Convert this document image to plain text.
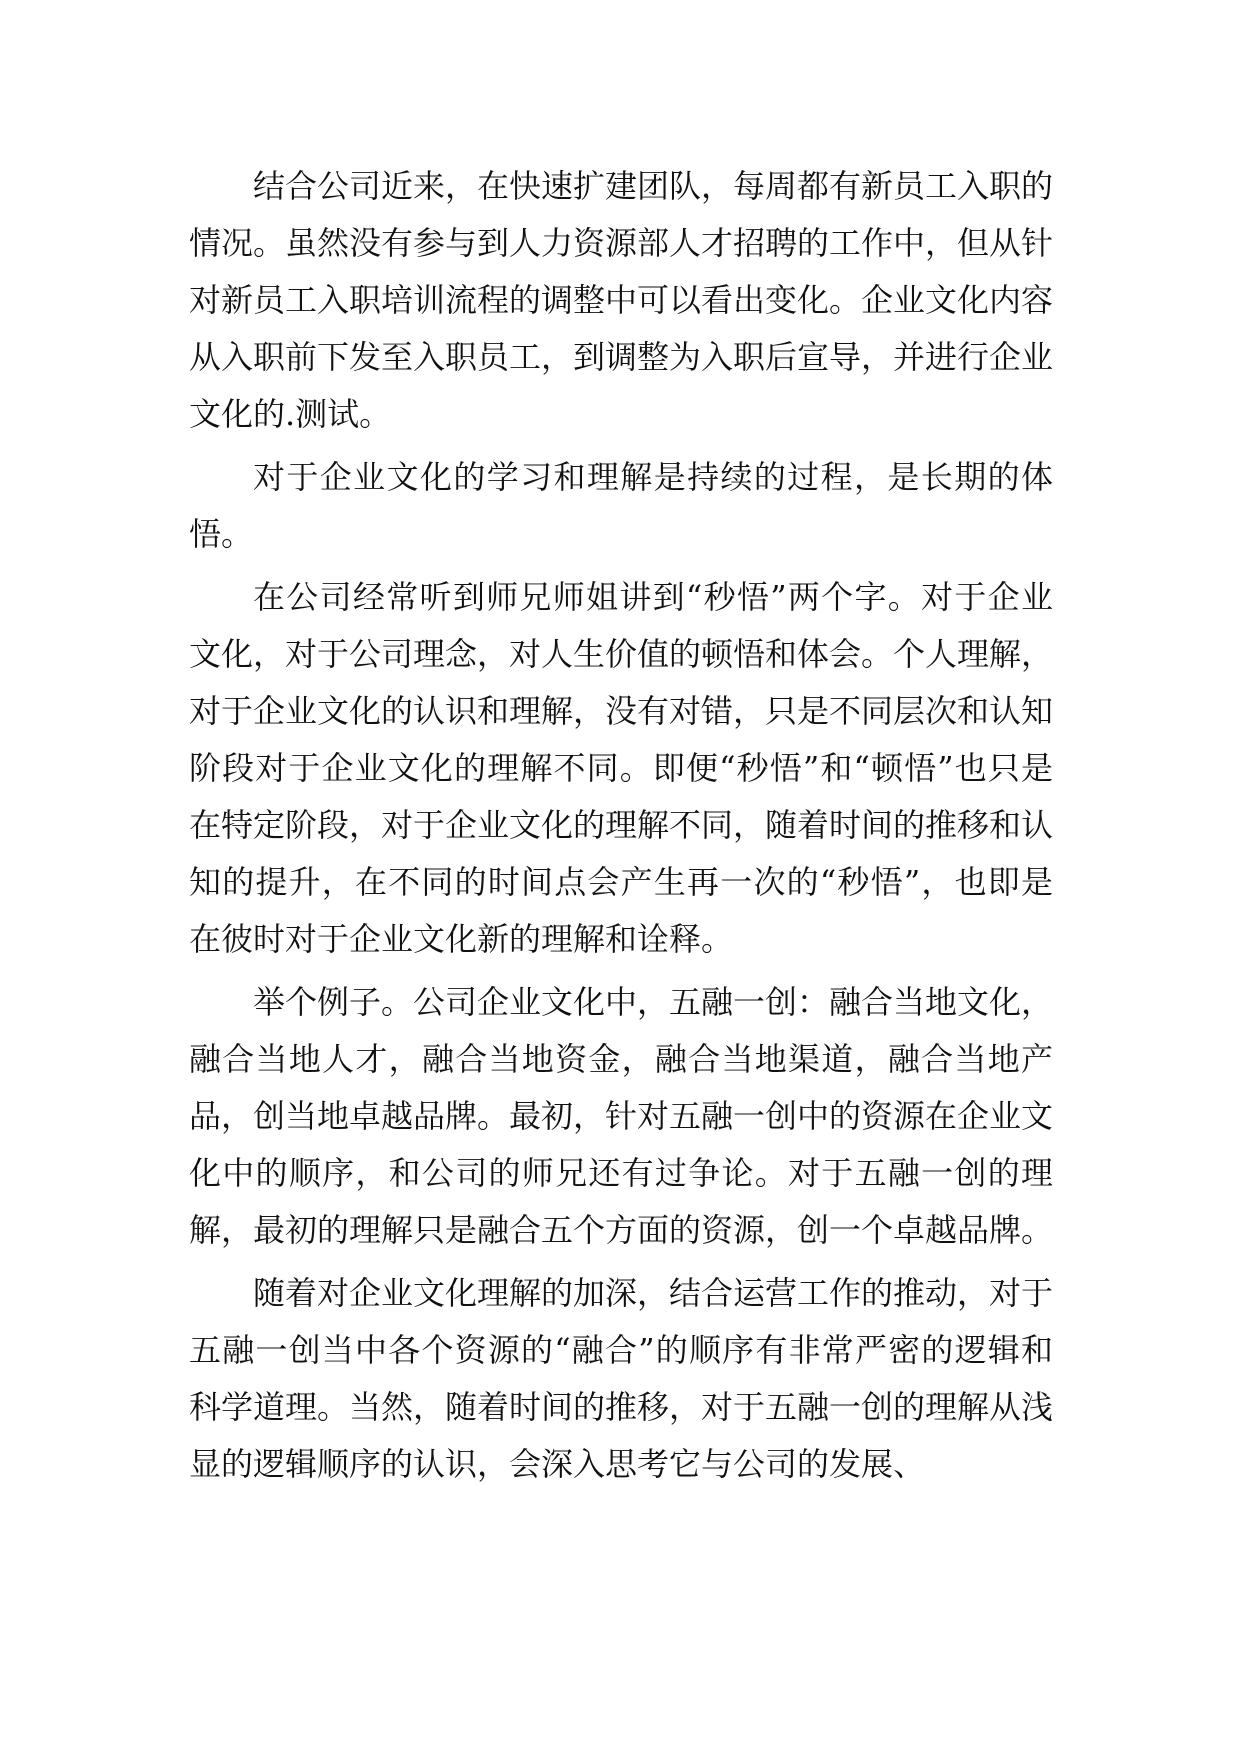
结合公司近来，在快速扩建团队，每周都有新员工入职的情况。虽然没有参与到人力资源部人才招聘的工作中，但从针对新员工入职培训流程的调整中可以看出变化。企业文化内容从入职前下发至入职员工，到调整为入职后宣导，并进行企业文化的.测试。

对于企业文化的学习和理解是持续的过程，是长期的体悟。

在公司经常听到师兄师姐讲到“秒悟”两个字。对于企业文化，对于公司理念，对人生价值的顿悟和体会。个人理解，对于企业文化的认识和理解，没有对错，只是不同层次和认知阶段对于企业文化的理解不同。即便“秒悟”和“顿悟”也只是在特定阶段，对于企业文化的理解不同，随着时间的推移和认知的提升，在不同的时间点会产生再一次的“秒悟”，也即是在彼时对于企业文化新的理解和诠释。

举个例子。公司企业文化中，五融一创：融合当地文化，融合当地人才，融合当地资金，融合当地渠道，融合当地产品，创当地卓越品牌。最初，针对五融一创中的资源在企业文化中的顺序，和公司的师兄还有过争论。对于五融一创的理解，最初的理解只是融合五个方面的资源，创一个卓越品牌。

随着对企业文化理解的加深，结合运营工作的推动，对于五融一创当中各个资源的“融合”的顺序有非常严密的逻辑和科学道理。当然，随着时间的推移，对于五融一创的理解从浅显的逻辑顺序的认识，会深入思考它与公司的发展、
